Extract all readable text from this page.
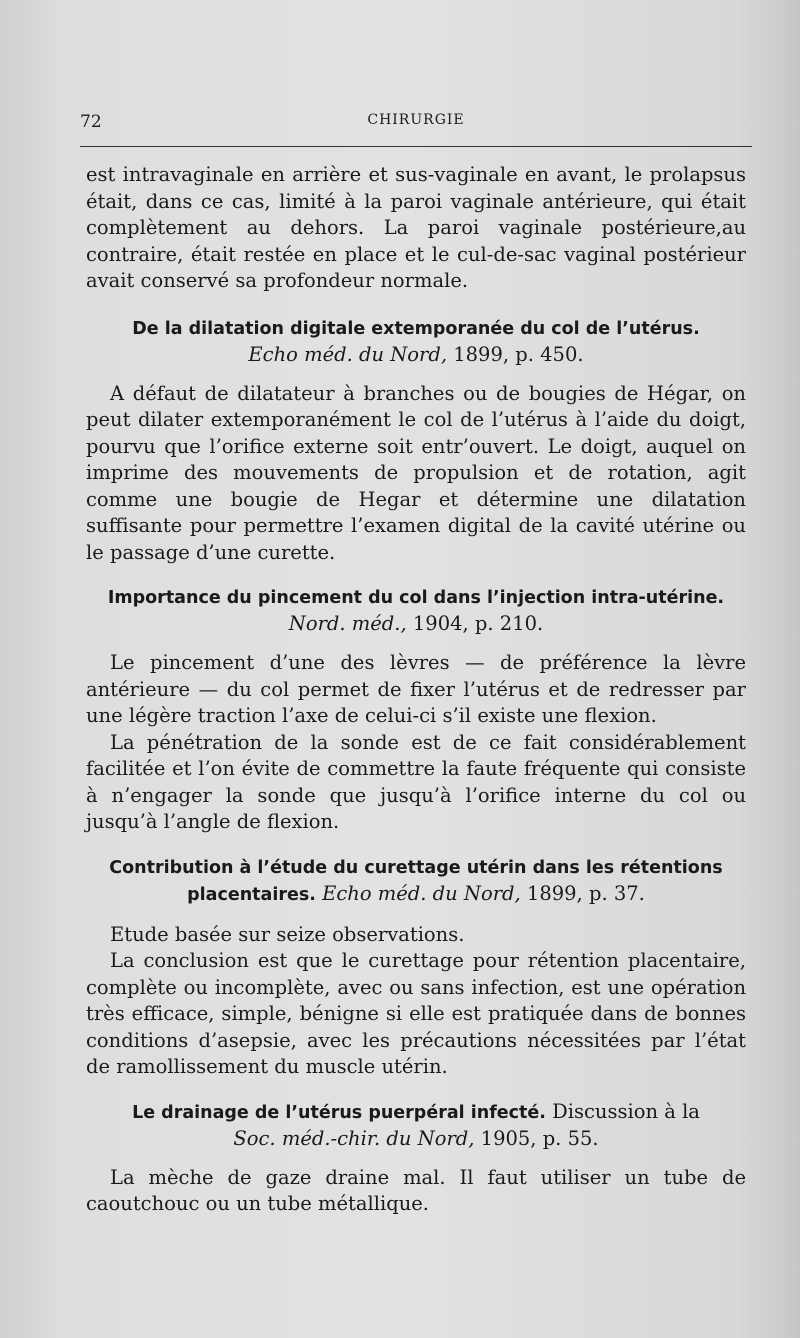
72	CHIRURGIE

est intravaginale en arrière et sus-vaginale en avant, le prolapsus était, dans ce cas, limité à la paroi vaginale antérieure, qui était complètement au dehors. La paroi vaginale postérieure,au contraire, était restée en place et le cul-de-sac vaginal postérieur avait conservé sa profondeur normale.

De la dilatation digitale extemporanée du col de l’utérus.
Echo méd. du Nord, 1899, p. 450.

A défaut de dilatateur à branches ou de bougies de Hégar, on peut dilater extemporanément le col de l’utérus à l’aide du doigt, pourvu que l’orifice externe soit entr’ouvert. Le doigt, auquel on imprime des mouvements de propulsion et de rotation, agit comme une bougie de Hegar et détermine une dilatation suffisante pour permettre l’examen digital de la cavité utérine ou le passage d’une curette.

Importance du pincement du col dans l’injection intra-utérine. Nord. méd., 1904, p. 210.

Le pincement d’une des lèvres — de préférence la lèvre antérieure — du col permet de fixer l’utérus et de redresser par une légère traction l’axe de celui-ci s’il existe une flexion.

La pénétration de la sonde est de ce fait considérablement facilitée et l’on évite de commettre la faute fréquente qui consiste à n’engager la sonde que jusqu’à l’orifice interne du col ou jusqu’à l’angle de flexion.

Contribution à l’étude du curettage utérin dans les rétentions placentaires. Echo méd. du Nord, 1899, p. 37.

Etude basée sur seize observations.

La conclusion est que le curettage pour rétention placentaire, complète ou incomplète, avec ou sans infection, est une opération très efficace, simple, bénigne si elle est pratiquée dans de bonnes conditions d’asepsie, avec les précautions nécessitées par l’état de ramollissement du muscle utérin.

Le drainage de l’utérus puerpéral infecté. Discussion à la
Soc. méd.-chir. du Nord, 1905, p. 55.

La mèche de gaze draine mal. Il faut utiliser un tube de caoutchouc ou un tube métallique.
